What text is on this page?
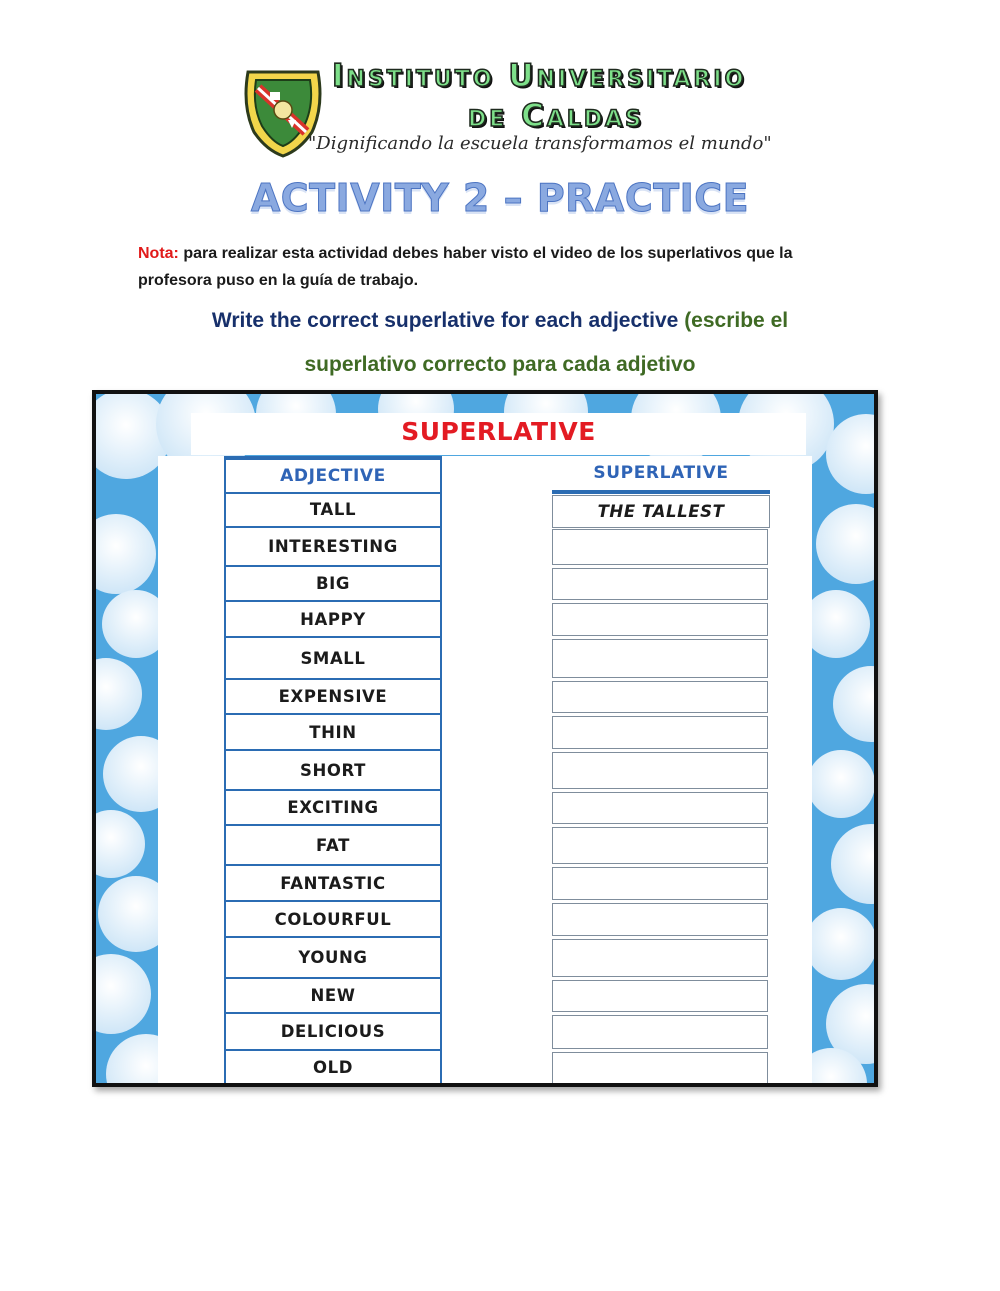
Instituto Universitario
de Caldas
"Dignificando la escuela transformamos el mundo"
ACTIVITY 2 – PRACTICE
Nota: para realizar esta actividad debes haber visto el video de los superlativos que la profesora puso en la guía de trabajo.
Write the correct superlative for each adjective (escribe el
superlativo correcto para cada adjetivo
SUPERLATIVE
ADJECTIVE
TALL
INTERESTING
BIG
HAPPY
SMALL
EXPENSIVE
THIN
SHORT
EXCITING
FAT
FANTASTIC
COLOURFUL
YOUNG
NEW
DELICIOUS
OLD
SUPERLATIVE
THE TALLEST
